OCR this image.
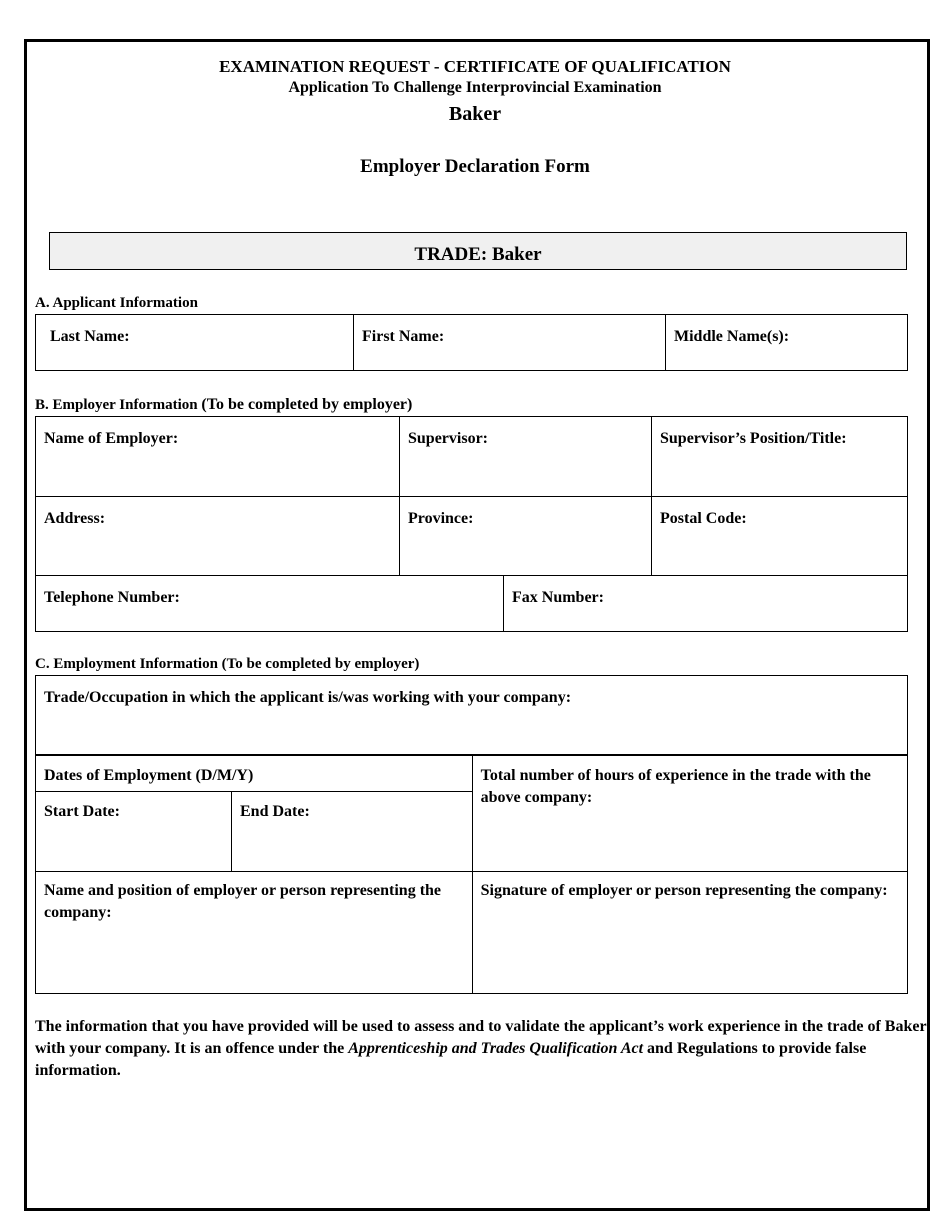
EXAMINATION REQUEST - CERTIFICATE OF QUALIFICATION
Application To Challenge Interprovincial Examination
Baker
Employer Declaration Form
TRADE: Baker
A. Applicant Information
Last Name:	First Name:	Middle Name(s):
B. Employer Information (To be completed by employer)
Name of Employer:	Supervisor:	Supervisor’s Position/Title:

Address:	Province:	Postal Code:
Telephone Number:	Fax Number:
C. Employment Information (To be completed by employer)
Trade/Occupation in which the applicant is/was working with your company:
Dates of Employment (D/M/Y)		Total number of hours of experience in the trade with the above company:

Start Date:	End Date:	

Name and position of employer or person representing the company:		Signature of employer or person representing the company:
The information that you have provided will be used to assess and to validate the applicant’s work experience in the trade of Baker with your company. It is an offence under the Apprenticeship and Trades Qualification Act and Regulations to provide false information.
